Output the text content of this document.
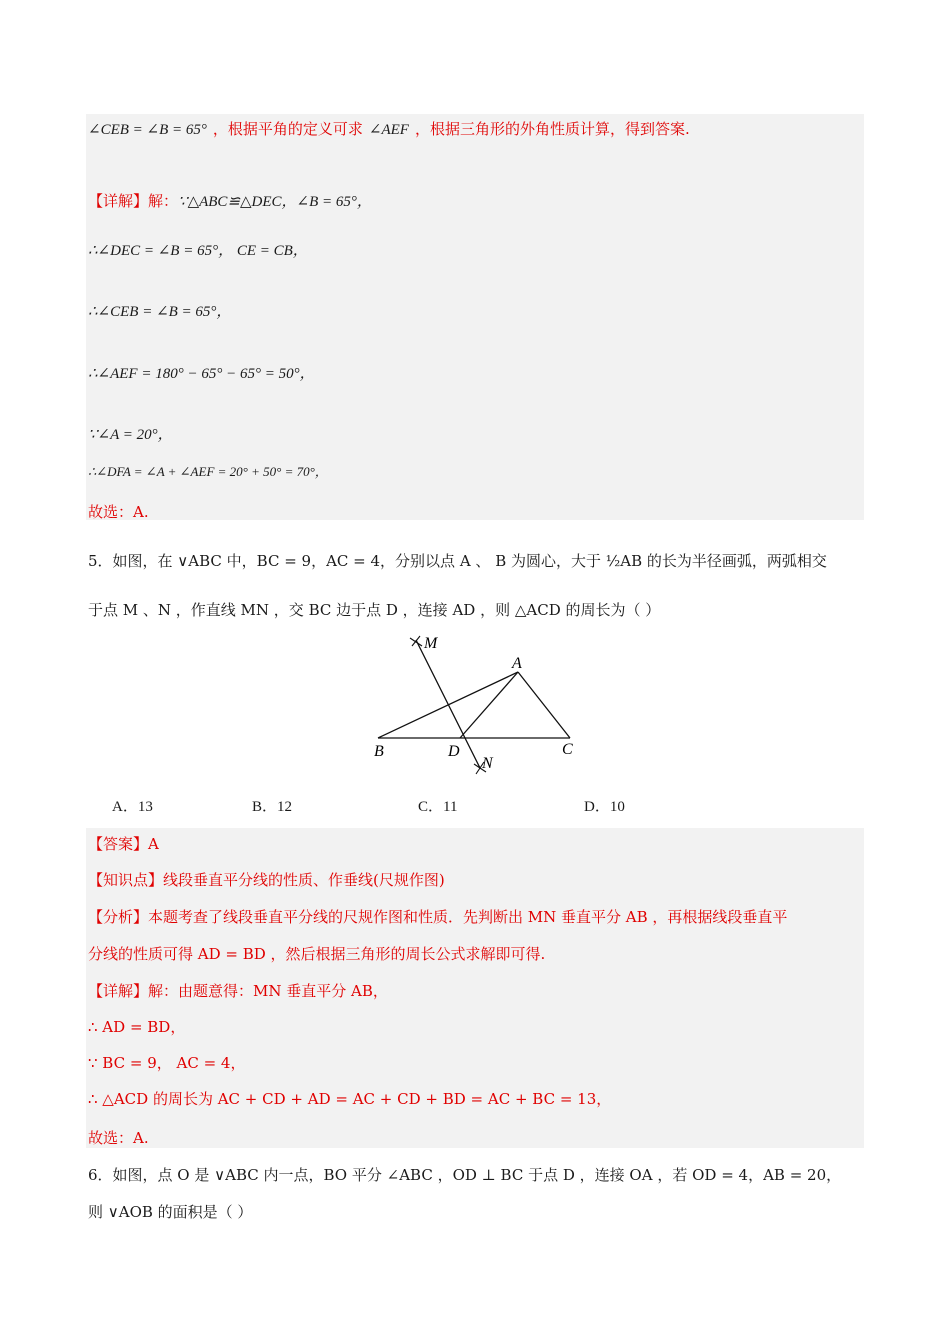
∠CEB = ∠B = 65° ，根据平角的定义可求 ∠AEF ，根据三角形的外角性质计算，得到答案.
【详解】解：∵△ABC≌△DEC，∠B = 65°，
∴∠DEC = ∠B = 65°， CE = CB，
∴∠CEB = ∠B = 65°，
∴∠AEF = 180° − 65° − 65° = 50°，
∵∠A = 20°，
∴∠DFA = ∠A + ∠AEF = 20° + 50° = 70°，
故选：A.
5．如图，在 ∨ABC 中，BC = 9，AC = 4，分别以点 A 、 B 为圆心，大于 ½AB 的长为半径画弧，两弧相交
于点 M 、N ，作直线 MN ，交 BC 边于点 D ，连接 AD ，则 △ACD 的周长为（ ）
M
A
B	D	C
N
A．13	B．12	C．11	D．10
【答案】A
【知识点】线段垂直平分线的性质、作垂线(尺规作图)
【分析】本题考查了线段垂直平分线的尺规作图和性质．先判断出 MN 垂直平分 AB ，再根据线段垂直平
分线的性质可得 AD = BD ，然后根据三角形的周长公式求解即可得.
【详解】解：由题意得：MN 垂直平分 AB，
∴ AD = BD，
∵ BC = 9， AC = 4，
∴ △ACD 的周长为 AC + CD + AD = AC + CD + BD = AC + BC = 13，
故选：A.
6．如图，点 O 是 ∨ABC 内一点，BO 平分 ∠ABC ，OD ⊥ BC 于点 D ，连接 OA ，若 OD = 4，AB = 20，
则 ∨AOB 的面积是（ ）
